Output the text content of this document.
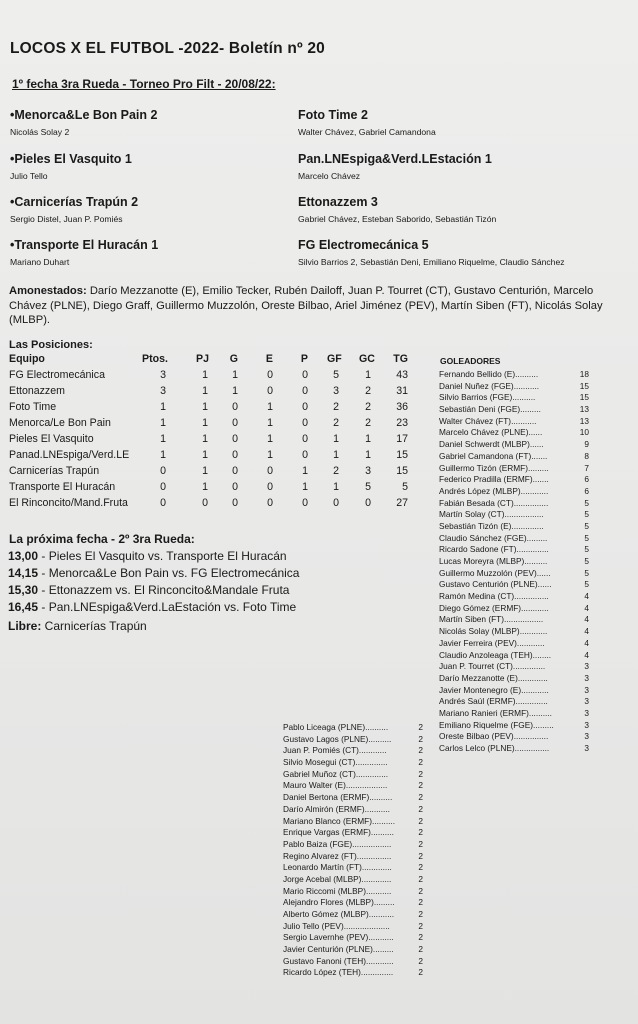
LOCOS X EL FUTBOL -2022- Boletín nº 20
1º fecha 3ra Rueda - Torneo Pro Filt - 20/08/22:
•Menorca&Le Bon Pain 2
Nicolás Solay 2
Foto Time 2
Walter Chávez, Gabriel Camandona
•Pieles El Vasquito 1
Julio Tello
Pan.LNEspiga&Verd.LEstación 1
Marcelo Chávez
•Carnicerías Trapún 2
Sergio Distel, Juan P. Pomiés
Ettonazzem 3
Gabriel Chávez, Esteban Saborido, Sebastián Tizón
•Transporte El Huracán 1
Mariano Duhart
FG Electromecánica 5
Silvio Barrios 2, Sebastián Deni, Emiliano Riquelme, Claudio Sánchez
Amonestados: Darío Mezzanotte (E), Emilio Tecker, Rubén Dailoff, Juan P. Tourret (CT), Gustavo Centurión, Marcelo Chávez (PLNE), Diego Graff, Guillermo Muzzolón, Oreste Bilbao, Ariel Jiménez (PEV), Martín Siben (FT), Nicolás Solay (MLBP).
Las Posiciones:
Equipo	Ptos.	PJ	G	E	P GF GC	TG
FG Electromecánica	3	1	1	0	0	5	1	43
Ettonazzem	3	1	1	0	0	3	2	31
Foto Time	1	1	0	1	0	2	2	36
Menorca/Le Bon Pain	1	1	0	1	0	2	2	23
Pieles El Vasquito	1	1	0	1	0	1	1	17
Panad.LNEspiga/Verd.LE	1	1	0	1	0	1	1	15
Carnicerías Trapún	0	1	0	0	1	2	3	15
Transporte El Huracán	0	1	0	0	1	1	5	5
El Rinconcito/Mand.Fruta	0	0	0	0	0	0	0	27
GOLEADORES
Fernando Bellido (E)..........	18
Daniel Nuñez (FGE)...........	15
Silvio Barrios (FGE)..........	15
Sebastián Deni (FGE).........	13
Walter Chávez (FT)...........	13
Marcelo Chávez (PLNE)......	10
Daniel Schwerdt (MLBP)......	9
Gabriel Camandona (FT).......	8
Guillermo Tizón (ERMF).........	7
Federico Pradilla (ERMF).......	6
Andrés López (MLBP)............	6
Fabián Besada (CT)...............	5
Martín Solay (CT).................	5
Sebastián Tizón (E)..............	5
Claudio Sánchez (FGE).........	5
Ricardo Sadone (FT)..............	5
Lucas Moreyra (MLBP)..........	5
Guillermo Muzzolón (PEV)......	5
Gustavo Centurión (PLNE)......	5
Ramón Medina (CT)...............	4
Diego Gómez (ERMF)............	4
Martín Siben (FT).................	4
Nicolás Solay (MLBP)............	4
Javier Ferreira (PEV)............	4
Claudio Anzoleaga (TEH)........	4
Juan P. Tourret (CT)..............	3
Darío Mezzanotte (E).............	3
Javier Montenegro (E)............	3
Andrés Saúl (ERMF)..............	3
Mariano Ranieri (ERMF)..........	3
Emiliano Riquelme (FGE).........	3
Oreste Bilbao (PEV)...............	3
Carlos Lelco (PLNE)...............	3
La próxima fecha - 2º 3ra Rueda:
13,00 - Pieles El Vasquito vs. Transporte El Huracán
14,15 - Menorca&Le Bon Pain vs. FG Electromecánica
15,30 - Ettonazzem vs. El Rinconcito&Mandale Fruta
16,45 - Pan.LNEspiga&Verd.LaEstación vs. Foto Time
Libre: Carnicerías Trapún
Pablo Liceaga (PLNE)..........	2
Gustavo Lagos (PLNE)..........	2
Juan P. Pomiés (CT)............	2
Silvio Mosegui (CT)..............	2
Gabriel Muñoz (CT)..............	2
Mauro Walter (E)..................	2
Daniel Bertona (ERMF)..........	2
Darío Almirón (ERMF)...........	2
Mariano Blanco (ERMF)..........	2
Enrique Vargas (ERMF)..........	2
Pablo Baiza (FGE).................	2
Regino Alvarez (FT)...............	2
Leonardo Martín (FT).............	2
Jorge Acebal (MLBP).............	2
Mario Riccomi (MLBP)...........	2
Alejandro Flores (MLBP).........	2
Alberto Gómez (MLBP)...........	2
Julio Tello (PEV)....................	2
Sergio Lavernhe (PEV)...........	2
Javier Centurión (PLNE).........	2
Gustavo Fanoni (TEH)............	2
Ricardo López (TEH)..............	2
